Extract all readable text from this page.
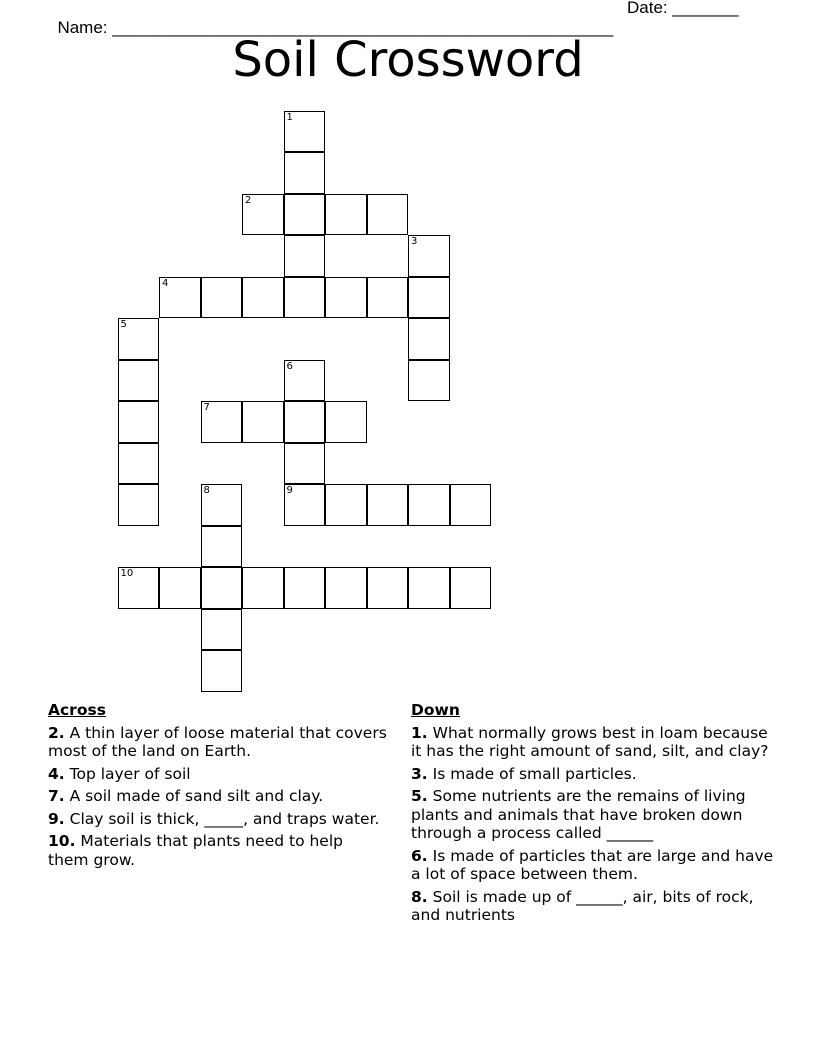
Name: _____________________________________________________

Date: _______

Soil Crossword
1
2
3
4
5
6
9
7
8
10
Across
2. A thin layer of loose material that covers most of the land on Earth.
4. Top layer of soil
7. A soil made of sand silt and clay.
9. Clay soil is thick, _____, and traps water.
10. Materials that plants need to help them grow.
Down
1. What normally grows best in loam because it has the right amount of sand, silt, and clay?
3. Is made of small particles.
5. Some nutrients are the remains of living plants and animals that have broken down through a process called ______
6. Is made of particles that are large and have a lot of space between them.
8. Soil is made up of ______, air, bits of rock, and nutrients
